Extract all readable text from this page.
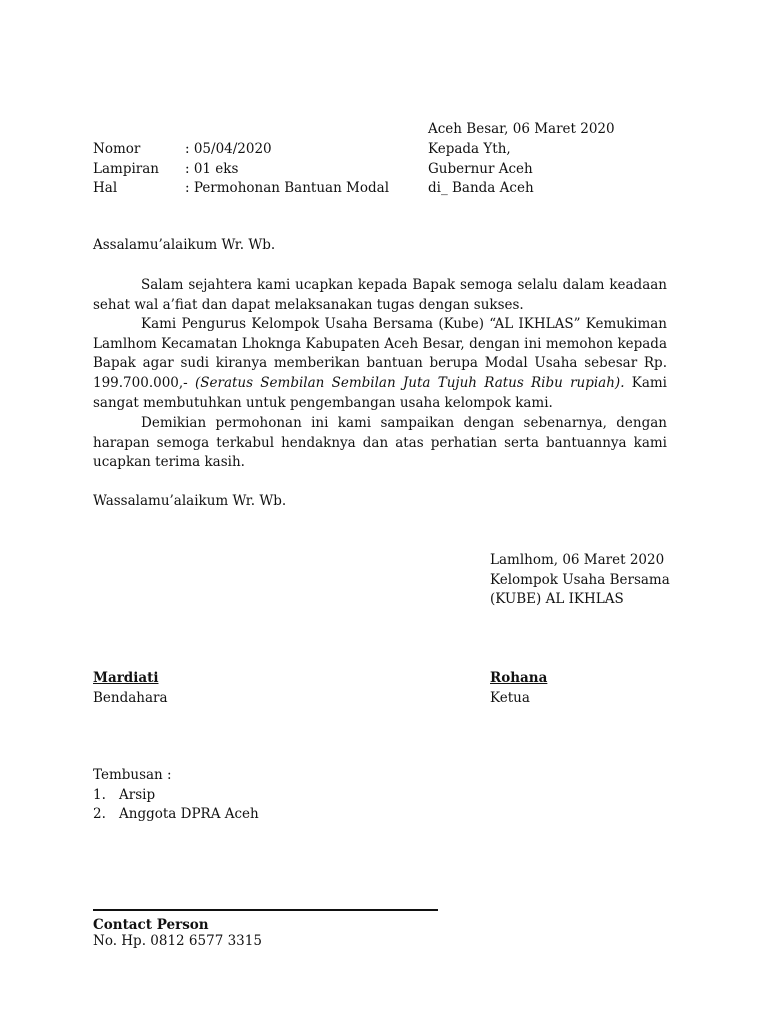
Aceh Besar, 06 Maret 2020
Nomor	: 05/04/2020
Lampiran : 01 eks
Hal	: Permohonan Bantuan Modal
Kepada Yth,
Gubernur Aceh
di_ Banda Aceh
Assalamu’alaikum Wr. Wb.
Salam sejahtera kami ucapkan kepada Bapak semoga selalu dalam keadaan sehat wal a’fiat dan dapat melaksanakan tugas dengan sukses.
Kami Pengurus Kelompok Usaha Bersama (Kube) “AL IKHLAS” Kemukiman Lamlhom Kecamatan Lhoknga Kabupaten Aceh Besar, dengan ini memohon kepada Bapak agar sudi kiranya memberikan bantuan berupa Modal Usaha sebesar Rp. 199.700.000,- (Seratus Sembilan Sembilan Juta Tujuh Ratus Ribu rupiah). Kami sangat membutuhkan untuk pengembangan usaha kelompok kami.
Demikian permohonan ini kami sampaikan dengan sebenarnya, dengan harapan semoga terkabul hendaknya dan atas perhatian serta bantuannya kami ucapkan terima kasih.
Wassalamu’alaikum Wr. Wb.
Lamlhom, 06 Maret 2020
Kelompok Usaha Bersama
(KUBE) AL IKHLAS
Mardiati
Bendahara
Rohana
Ketua
Tembusan :
1. Arsip
2. Anggota DPRA Aceh
Contact Person
No. Hp. 0812 6577 3315
